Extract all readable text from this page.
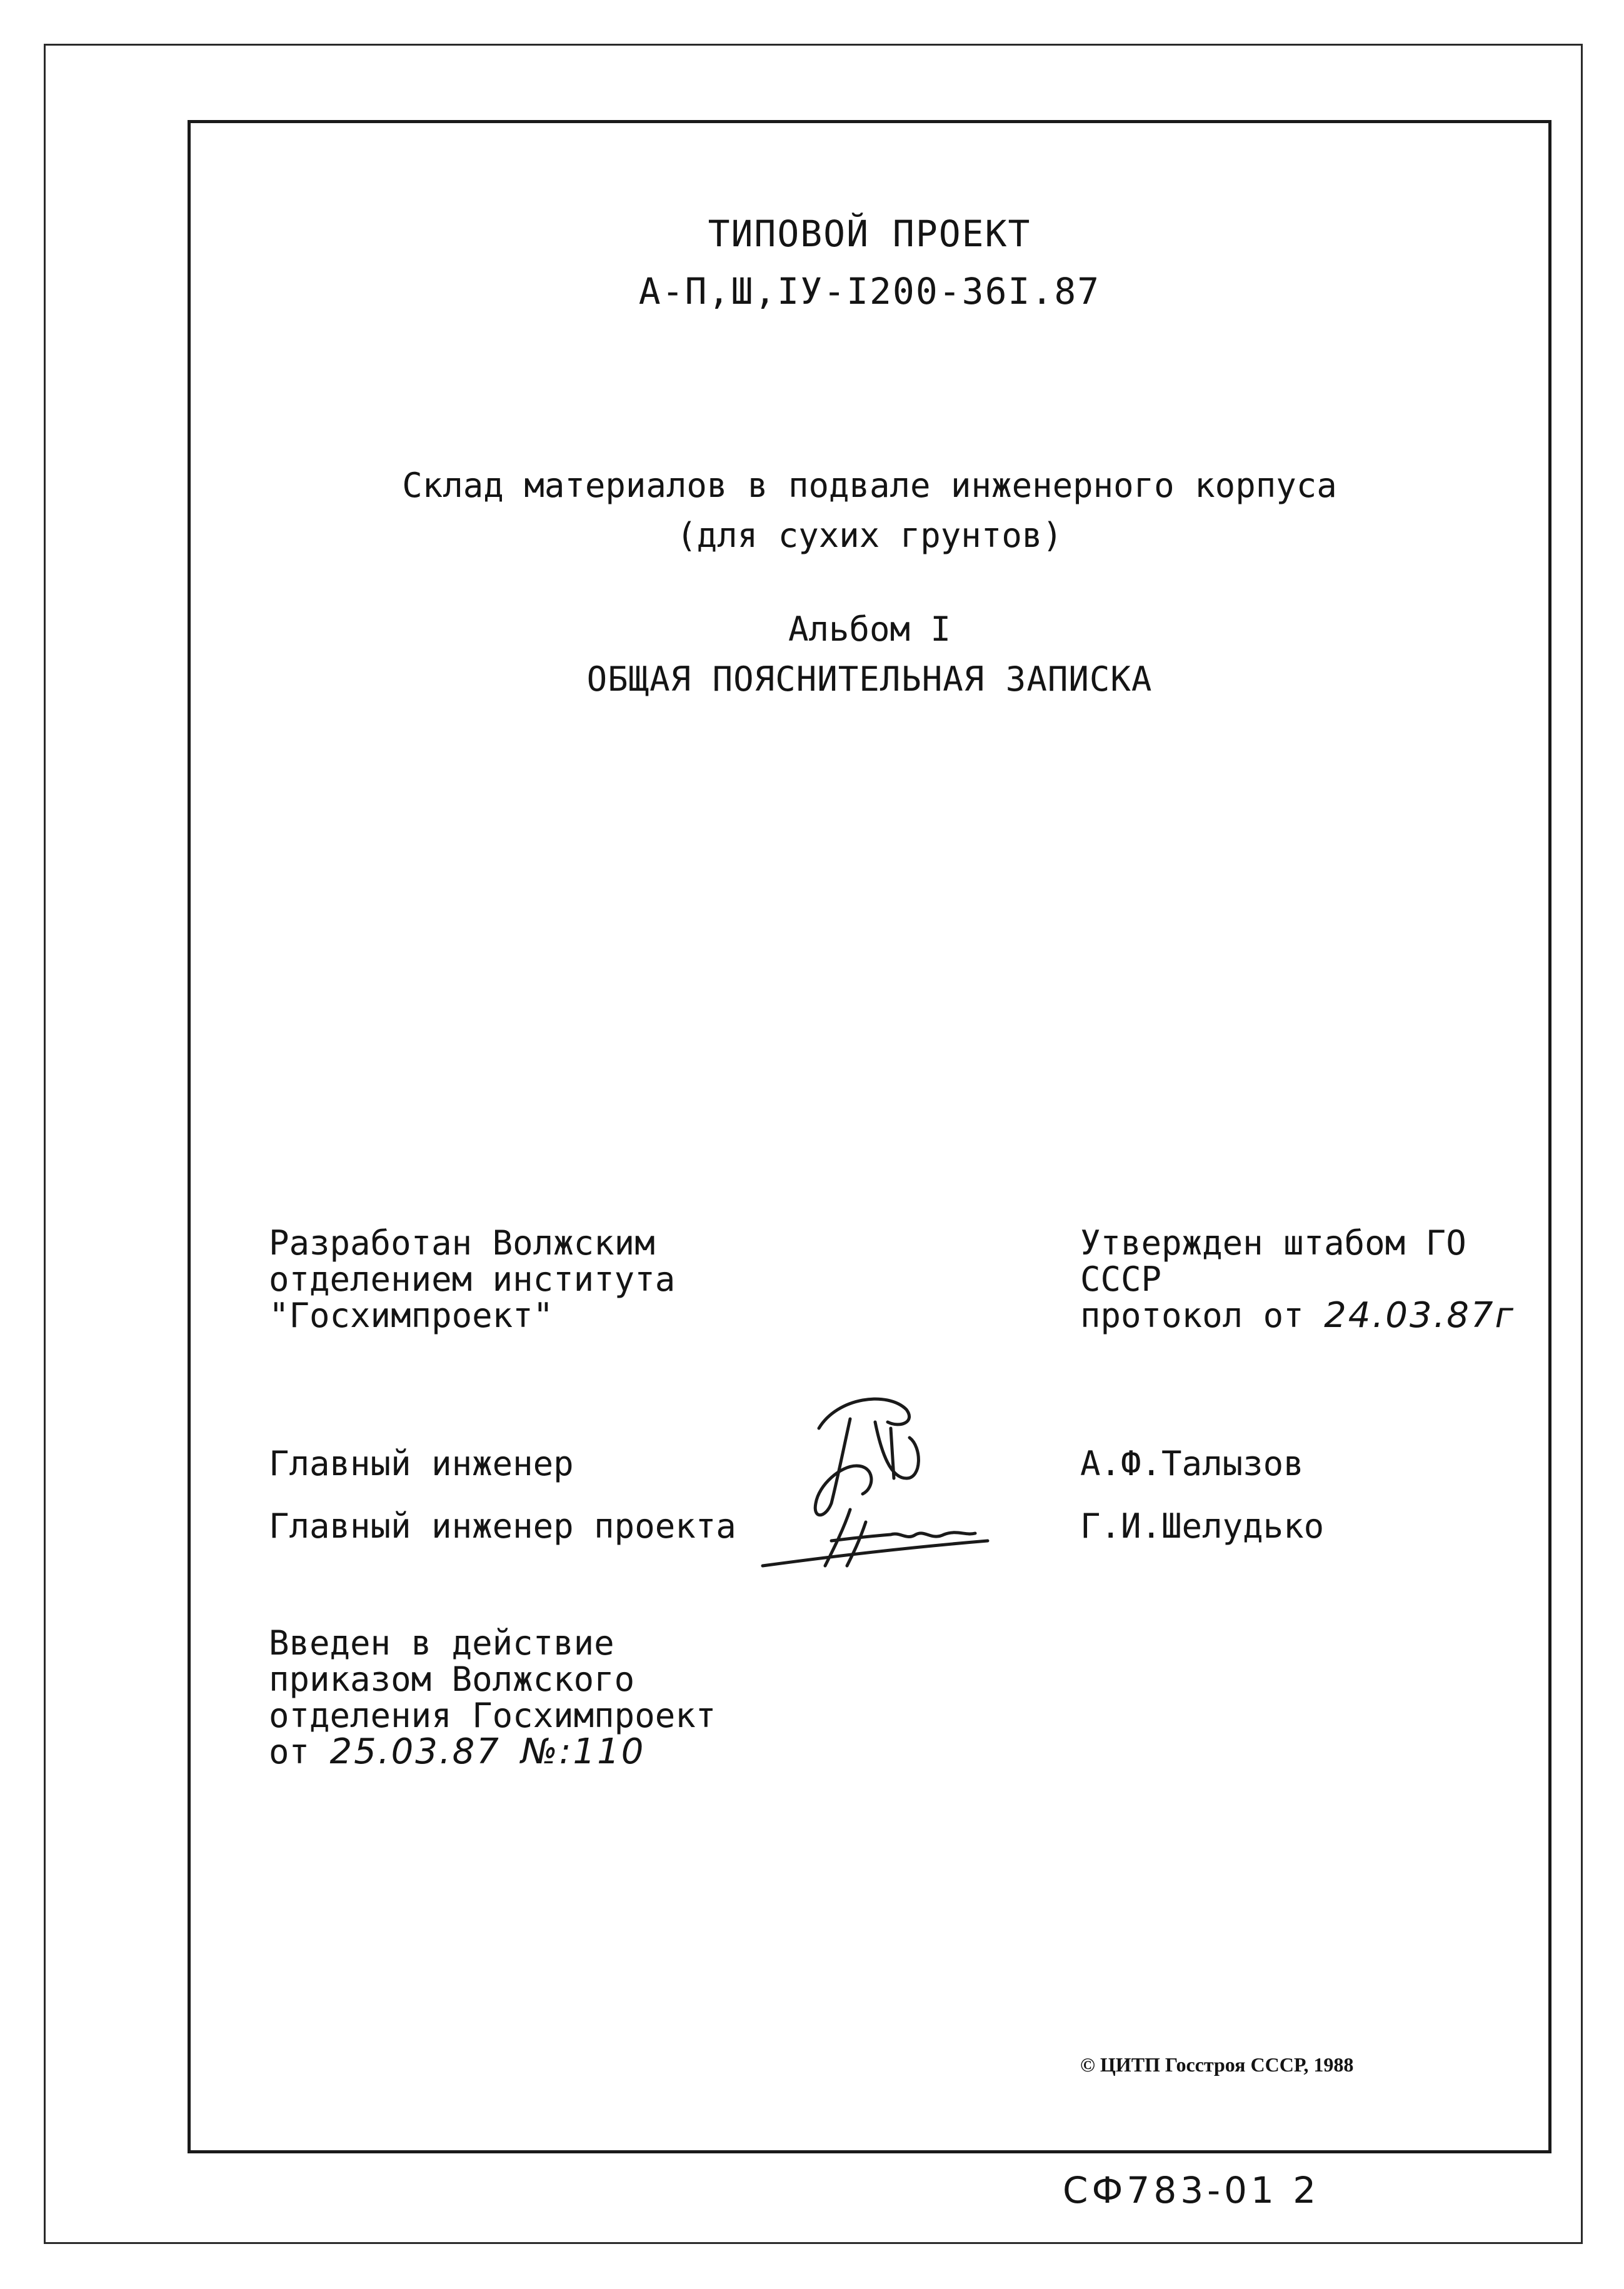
ТИПОВОЙ ПРОЕКТ
А-П,Ш,IУ-I200-36I.87
Склад материалов в подвале инженерного корпуса
(для сухих грунтов)
Альбом I
ОБЩАЯ ПОЯСНИТЕЛЬНАЯ ЗАПИСКА
Разработан Волжским
отделением института
"Госхимпроект"
Утвержден штабом ГО
СССР
протокол от 24.03.87г
Главный инженер
Главный инженер проекта
А.Ф.Талызов
Г.И.Шелудько
Введен в действие
приказом Волжского
отделения Госхимпроект
от 25.03.87 №:110
© ЦИТП Госстроя СССР, 1988
СФ783-01 2
